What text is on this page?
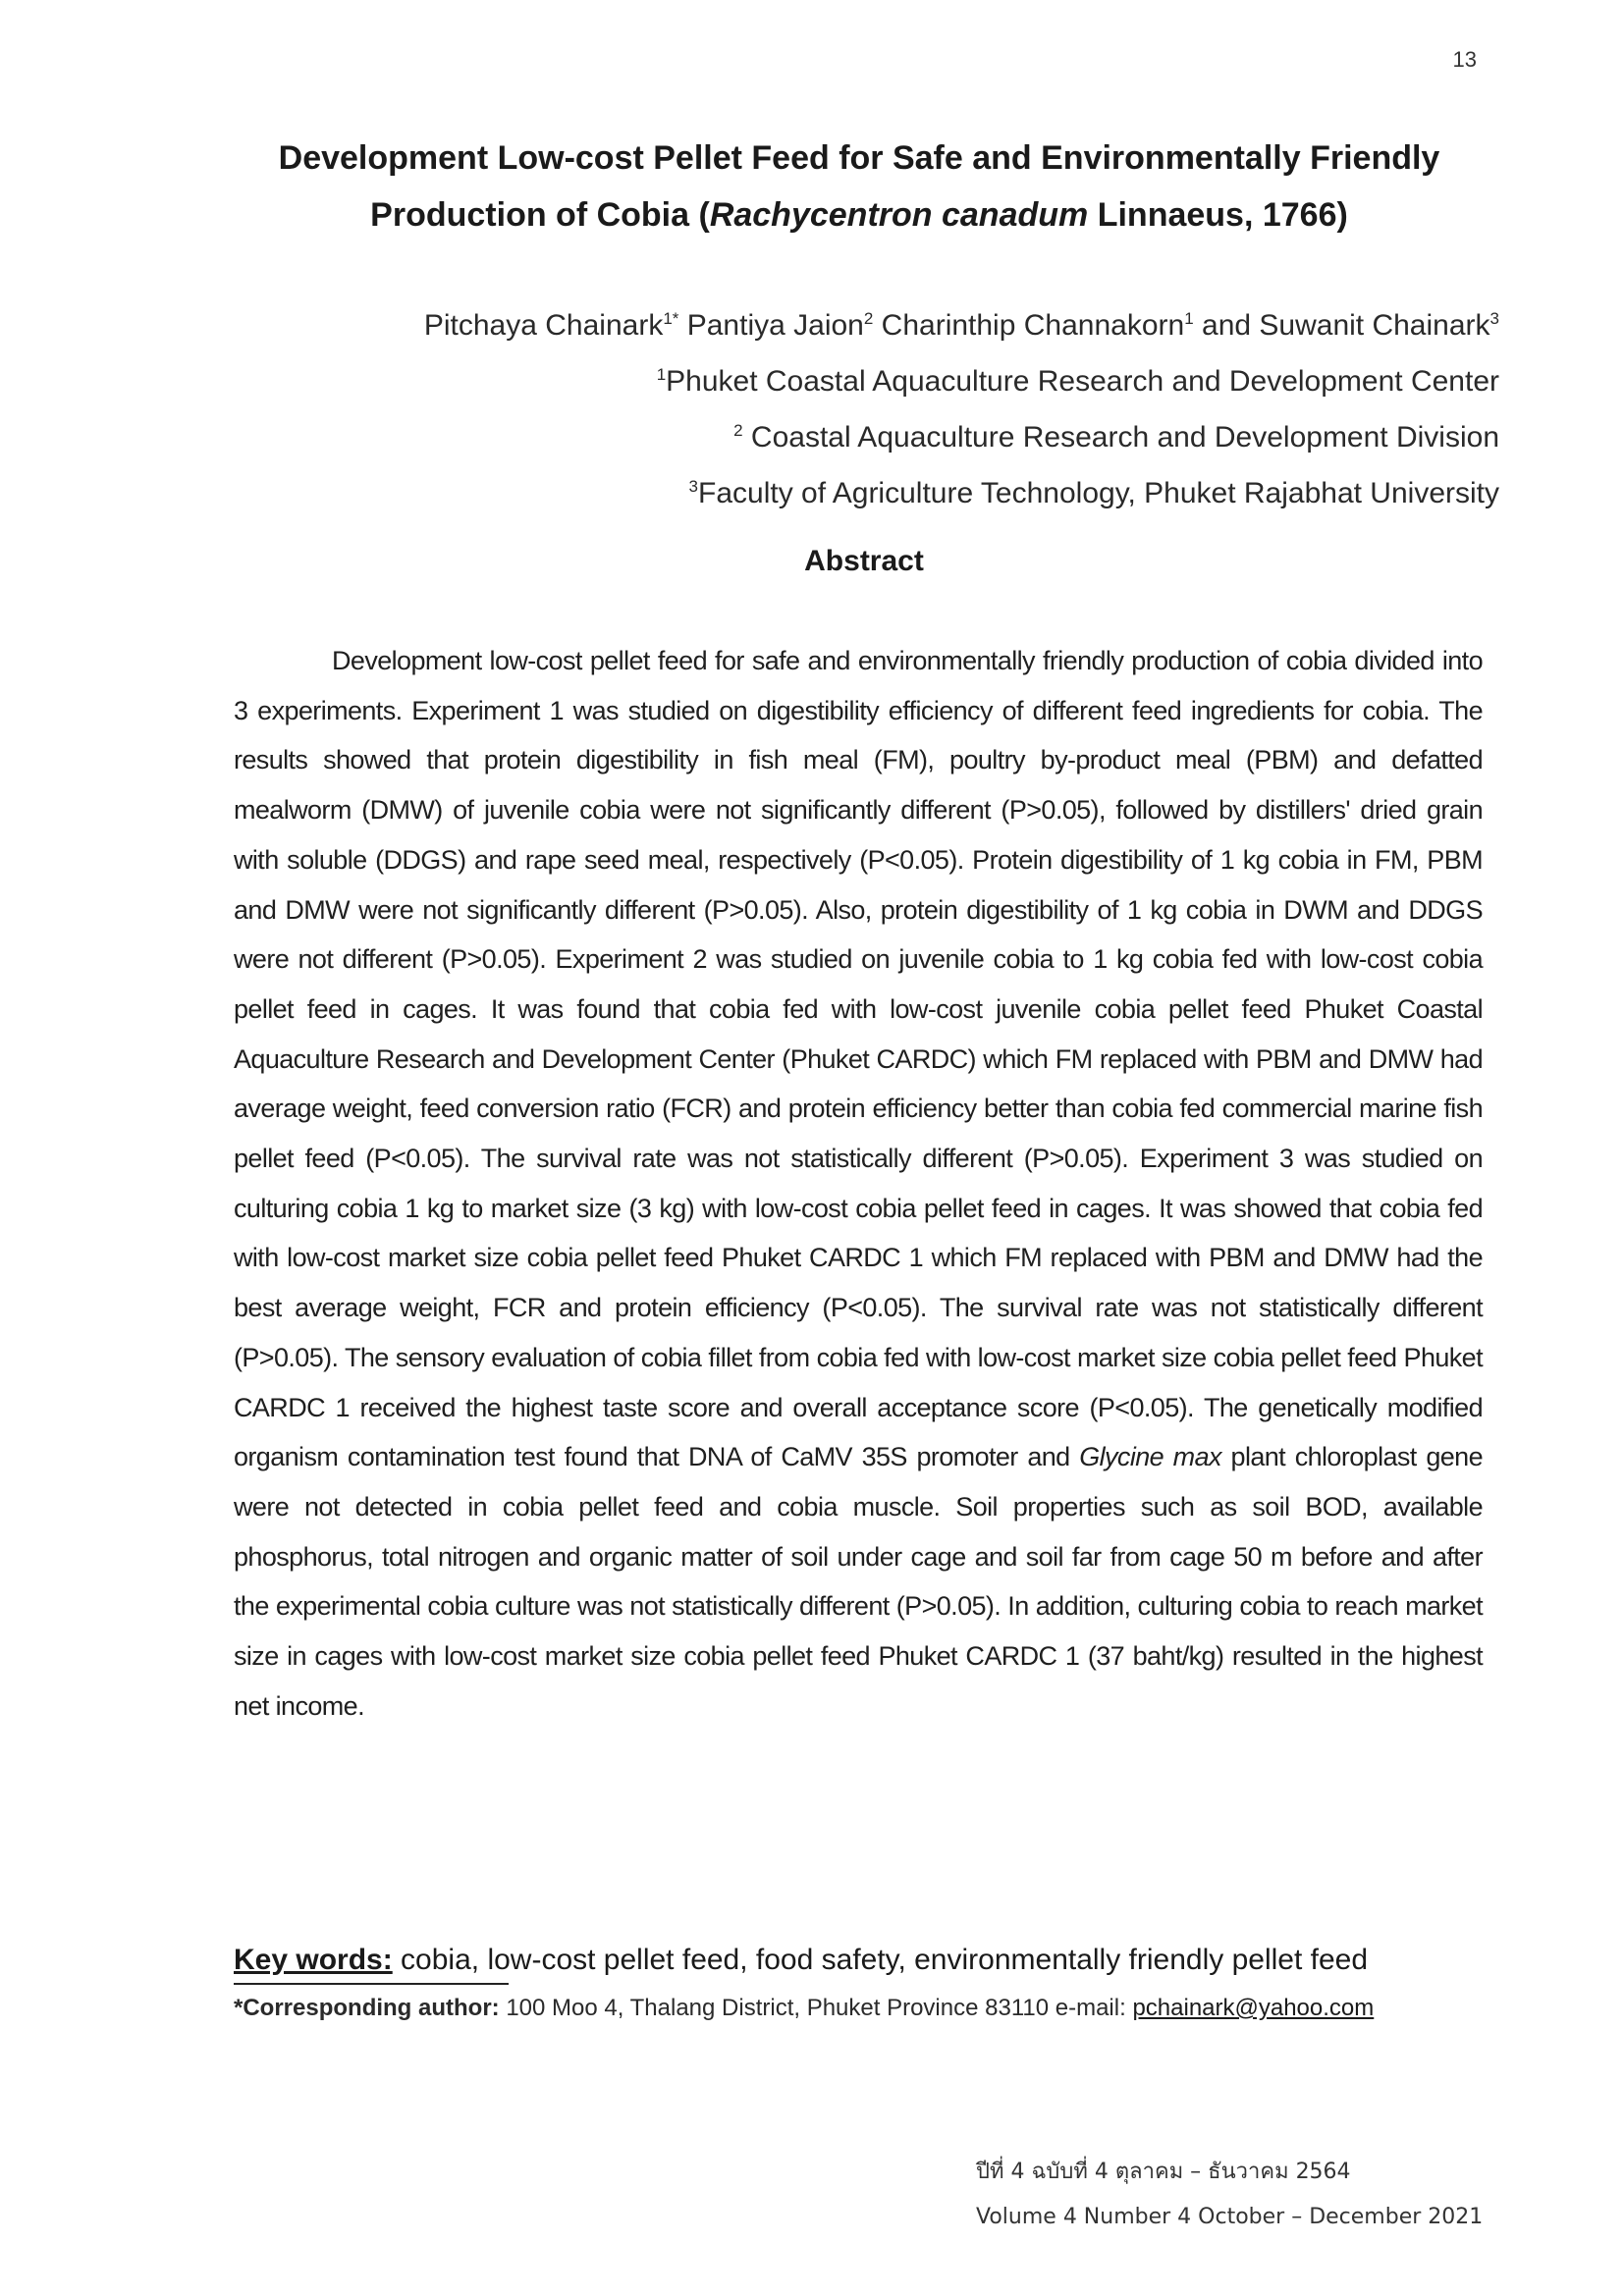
13
Development Low-cost Pellet Feed for Safe and Environmentally Friendly
Production of Cobia (Rachycentron canadum Linnaeus, 1766)
Pitchaya Chainark$^{1*}$ Pantiya Jaion$^2$ Charinthip Channakorn$^1$ and Suwanit Chainark$^3$
$^1$Phuket Coastal Aquaculture Research and Development Center
$^2$ Coastal Aquaculture Research and Development Division
$^3$Faculty of Agriculture Technology, Phuket Rajabhat University
Abstract

Development low-cost pellet feed for safe and environmentally friendly production of cobia divided into 3 experiments. Experiment 1 was studied on digestibility efficiency of different feed ingredients for cobia. The results showed that protein digestibility in fish meal (FM), poultry by-product meal (PBM) and defatted mealworm (DMW) of juvenile cobia were not significantly different (P>0.05), followed by distillers' dried grain with soluble (DDGS) and rape seed meal, respectively (P<0.05). Protein digestibility of 1 kg cobia in FM, PBM and DMW were not significantly different (P>0.05). Also, protein digestibility of 1 kg cobia in DWM and DDGS were not different (P>0.05). Experiment 2 was studied on juvenile cobia to 1 kg cobia fed with low-cost cobia pellet feed in cages. It was found that cobia fed with low-cost juvenile cobia pellet feed Phuket Coastal Aquaculture Research and Development Center (Phuket CARDC) which FM replaced with PBM and DMW had average weight, feed conversion ratio (FCR) and protein efficiency better than cobia fed commercial marine fish pellet feed (P<0.05). The survival rate was not statistically different (P>0.05). Experiment 3 was studied on culturing cobia 1 kg to market size (3 kg) with low-cost cobia pellet feed in cages. It was showed that cobia fed with low-cost market size cobia pellet feed Phuket CARDC 1 which FM replaced with PBM and DMW had the best average weight, FCR and protein efficiency (P<0.05). The survival rate was not statistically different (P>0.05). The sensory evaluation of cobia fillet from cobia fed with low-cost market size cobia pellet feed Phuket CARDC 1 received the highest taste score and overall acceptance score (P<0.05). The genetically modified organism contamination test found that DNA of CaMV 35S promoter and Glycine max plant chloroplast gene were not detected in cobia pellet feed and cobia muscle. Soil properties such as soil BOD, available phosphorus, total nitrogen and organic matter of soil under cage and soil far from cage 50 m before and after the experimental cobia culture was not statistically different (P>0.05). In addition, culturing cobia to reach market size in cages with low-cost market size cobia pellet feed Phuket CARDC 1 (37 baht/kg) resulted in the highest net income.

Key words: cobia, low-cost pellet feed, food safety, environmentally friendly pellet feed
*Corresponding author: 100 Moo 4, Thalang District, Phuket Province 83110 e-mail: pchainark@yahoo.com
ปีที่ 4 ฉบับที่ 4 ตุลาคม – ธันวาคม 2564
Volume 4 Number 4 October – December 2021
